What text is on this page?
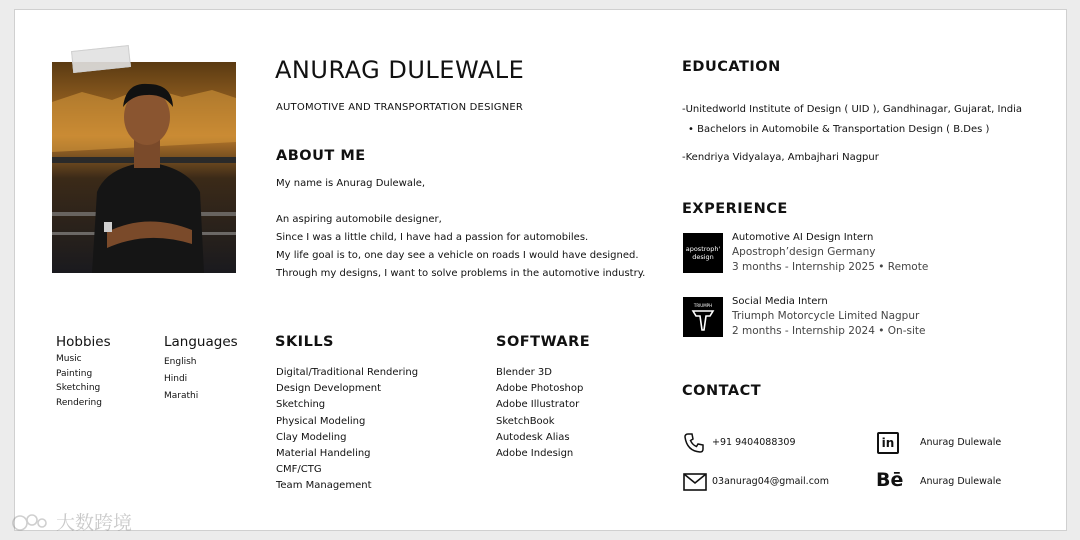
ANURAG DULEWALE
AUTOMOTIVE AND TRANSPORTATION DESIGNER
ABOUT ME
My name is Anurag Dulewale,
An aspiring automobile designer,
Since I was a little child, I have had a passion for automobiles.
My life goal is to, one day see a vehicle on roads I would have designed.
Through my designs, I want to solve problems in the automotive industry.
Hobbies
Music
Painting
Sketching
Rendering
Languages
English
Hindi
Marathi
SKILLS
Digital/Traditional Rendering
Design Development
Sketching
Physical Modeling
Clay Modeling
Material Handeling
CMF/CTG
Team Management
SOFTWARE
Blender 3D
Adobe Photoshop
Adobe Illustrator
SketchBook
Autodesk Alias
Adobe Indesign
EDUCATION
-Unitedworld Institute of Design ( UID ), Gandhinagar, Gujarat, India
• Bachelors in Automobile & Transportation Design ( B.Des )
-Kendriya Vidyalaya, Ambajhari Nagpur
EXPERIENCE
apostroph' design
Automotive AI Design Intern
Apostroph’design Germany
3 months - Internship 2025 • Remote
TRIUMPH Social Media Intern
Triumph Motorcycle Limited Nagpur
2 months - Internship 2024 • On-site
CONTACT
+91 9404088309
03anurag04@gmail.com
in	Anurag Dulewale
Bē Anurag Dulewale
大数跨境
